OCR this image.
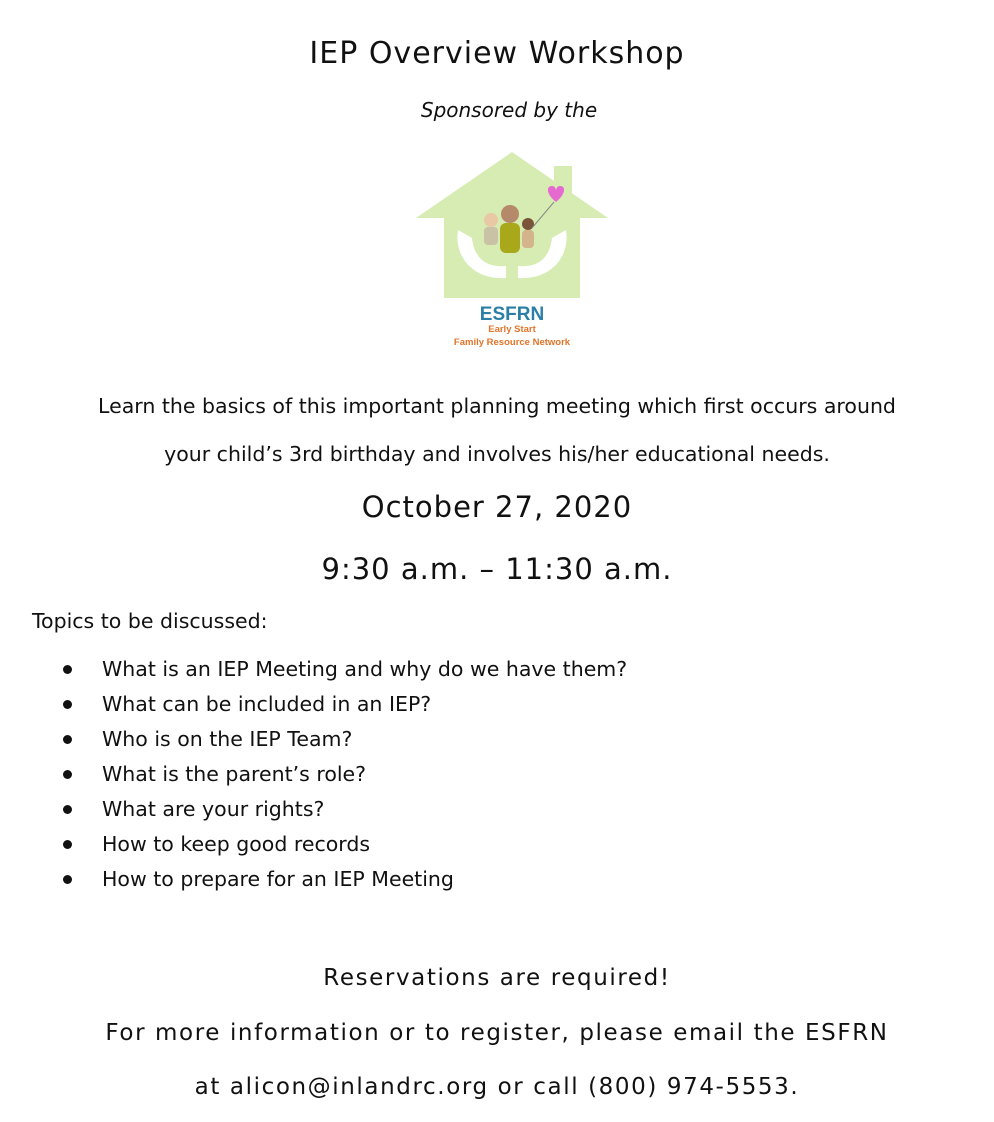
IEP Overview Workshop
Sponsored by the
ESFRN
Early Start
Family Resource Network
Learn the basics of this important planning meeting which first occurs around
your child’s 3rd birthday and involves his/her educational needs.
October 27, 2020
9:30 a.m. – 11:30 a.m.
Topics to be discussed:
What is an IEP Meeting and why do we have them?
What can be included in an IEP?
Who is on the IEP Team?
What is the parent’s role?
What are your rights?
How to keep good records
How to prepare for an IEP Meeting
Reservations are required!
For more information or to register, please email the ESFRN
at alicon@inlandrc.org or call (800) 974-5553.
